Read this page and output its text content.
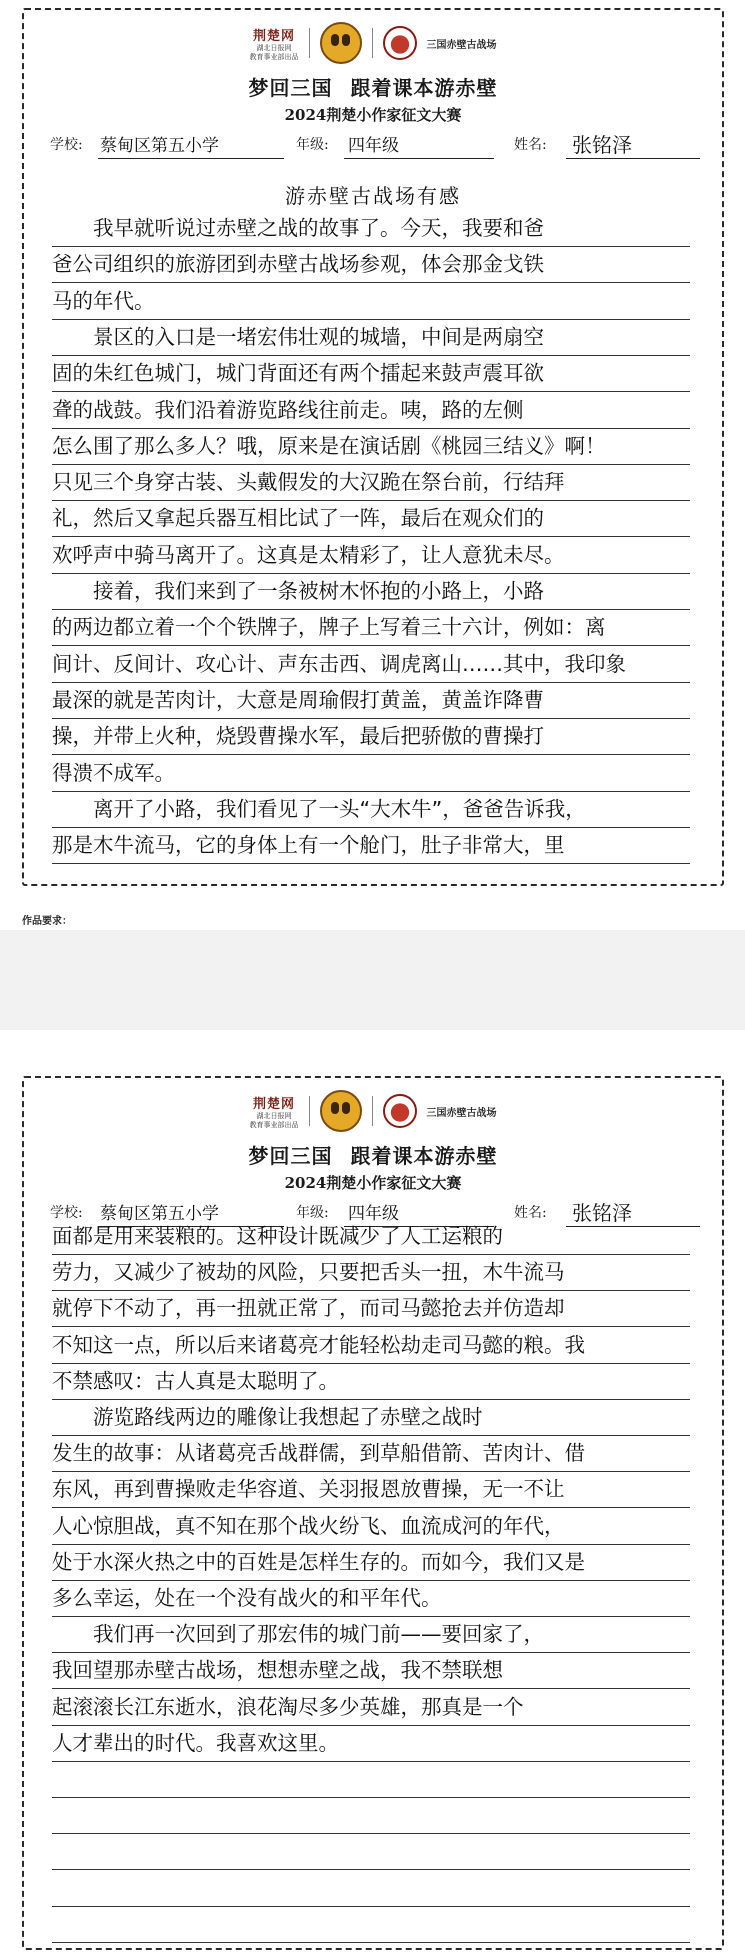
荆楚网
湖北日报网
教育事业部出品
三国赤壁古战场
梦回三国 跟着课本游赤壁
2024荆楚小作家征文大赛
学校: 蔡甸区第五小学	年级: 四年级	姓名: 张铭泽
游赤壁古战场有感
　　我早就听说过赤壁之战的故事了。今天，我要和爸
爸公司组织的旅游团到赤壁古战场参观，体会那金戈铁
马的年代。
　　景区的入口是一堵宏伟壮观的城墙，中间是两扇空
固的朱红色城门，城门背面还有两个擂起来鼓声震耳欲
聋的战鼓。我们沿着游览路线往前走。咦，路的左侧
怎么围了那么多人？哦，原来是在演话剧《桃园三结义》啊！
只见三个身穿古装、头戴假发的大汉跪在祭台前，行结拜
礼，然后又拿起兵器互相比试了一阵，最后在观众们的
欢呼声中骑马离开了。这真是太精彩了，让人意犹未尽。
　　接着，我们来到了一条被树木怀抱的小路上，小路
的两边都立着一个个铁牌子，牌子上写着三十六计，例如：离
间计、反间计、攻心计、声东击西、调虎离山……其中，我印象
最深的就是苦肉计，大意是周瑜假打黄盖，黄盖诈降曹
操，并带上火种，烧毁曹操水军，最后把骄傲的曹操打
得溃不成军。
　　离开了小路，我们看见了一头“大木牛”，爸爸告诉我，
那是木牛流马，它的身体上有一个舱门，肚子非常大，里
作品要求：
荆楚网
湖北日报网
教育事业部出品
三国赤壁古战场
梦回三国 跟着课本游赤壁
2024荆楚小作家征文大赛
学校: 蔡甸区第五小学	年级: 四年级	姓名: 张铭泽
面都是用来装粮的。这种设计既减少了人工运粮的
劳力，又减少了被劫的风险，只要把舌头一扭，木牛流马
就停下不动了，再一扭就正常了，而司马懿抢去并仿造却
不知这一点，所以后来诸葛亮才能轻松劫走司马懿的粮。我
不禁感叹：古人真是太聪明了。
　　游览路线两边的雕像让我想起了赤壁之战时
发生的故事：从诸葛亮舌战群儒，到草船借箭、苦肉计、借
东风，再到曹操败走华容道、关羽报恩放曹操，无一不让
人心惊胆战，真不知在那个战火纷飞、血流成河的年代，
处于水深火热之中的百姓是怎样生存的。而如今，我们又是
多么幸运，处在一个没有战火的和平年代。
　　我们再一次回到了那宏伟的城门前——要回家了，
我回望那赤壁古战场，想想赤壁之战，我不禁联想
起滚滚长江东逝水，浪花淘尽多少英雄，那真是一个
人才辈出的时代。我喜欢这里。
